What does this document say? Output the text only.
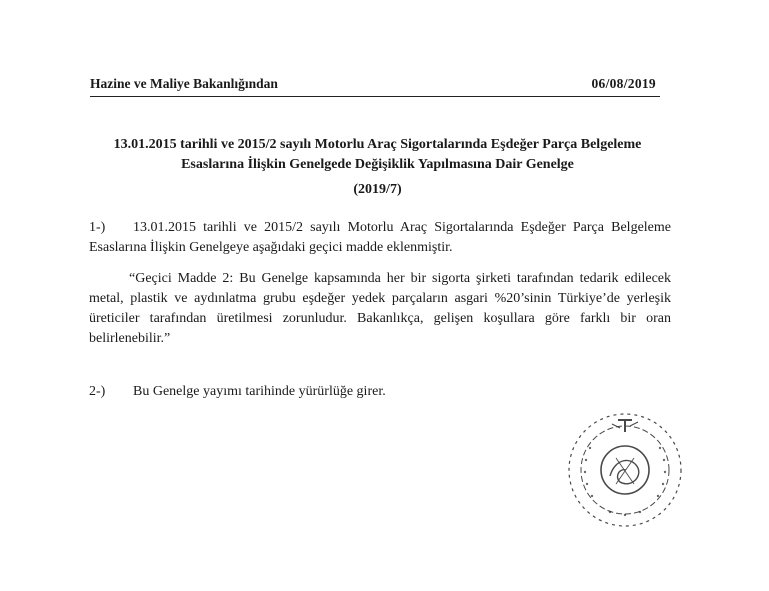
Hazine ve Maliye Bakanlığından	06/08/2019
13.01.2015 tarihli ve 2015/2 sayılı Motorlu Araç Sigortalarında Eşdeğer Parça Belgeleme
Esaslarına İlişkin Genelgede Değişiklik Yapılmasına Dair Genelge
(2019/7)
1-) 13.01.2015 tarihli ve 2015/2 sayılı Motorlu Araç Sigortalarında Eşdeğer Parça Belgeleme Esaslarına İlişkin Genelgeye aşağıdaki geçici madde eklenmiştir.
“Geçici Madde 2: Bu Genelge kapsamında her bir sigorta şirketi tarafından tedarik edilecek metal, plastik ve aydınlatma grubu eşdeğer yedek parçaların asgari %20’sinin Türkiye’de yerleşik üreticiler tarafından üretilmesi zorunludur. Bakanlıkça, gelişen koşullara göre farklı bir oran belirlenebilir.”
2-) Bu Genelge yayımı tarihinde yürürlüğe girer.
